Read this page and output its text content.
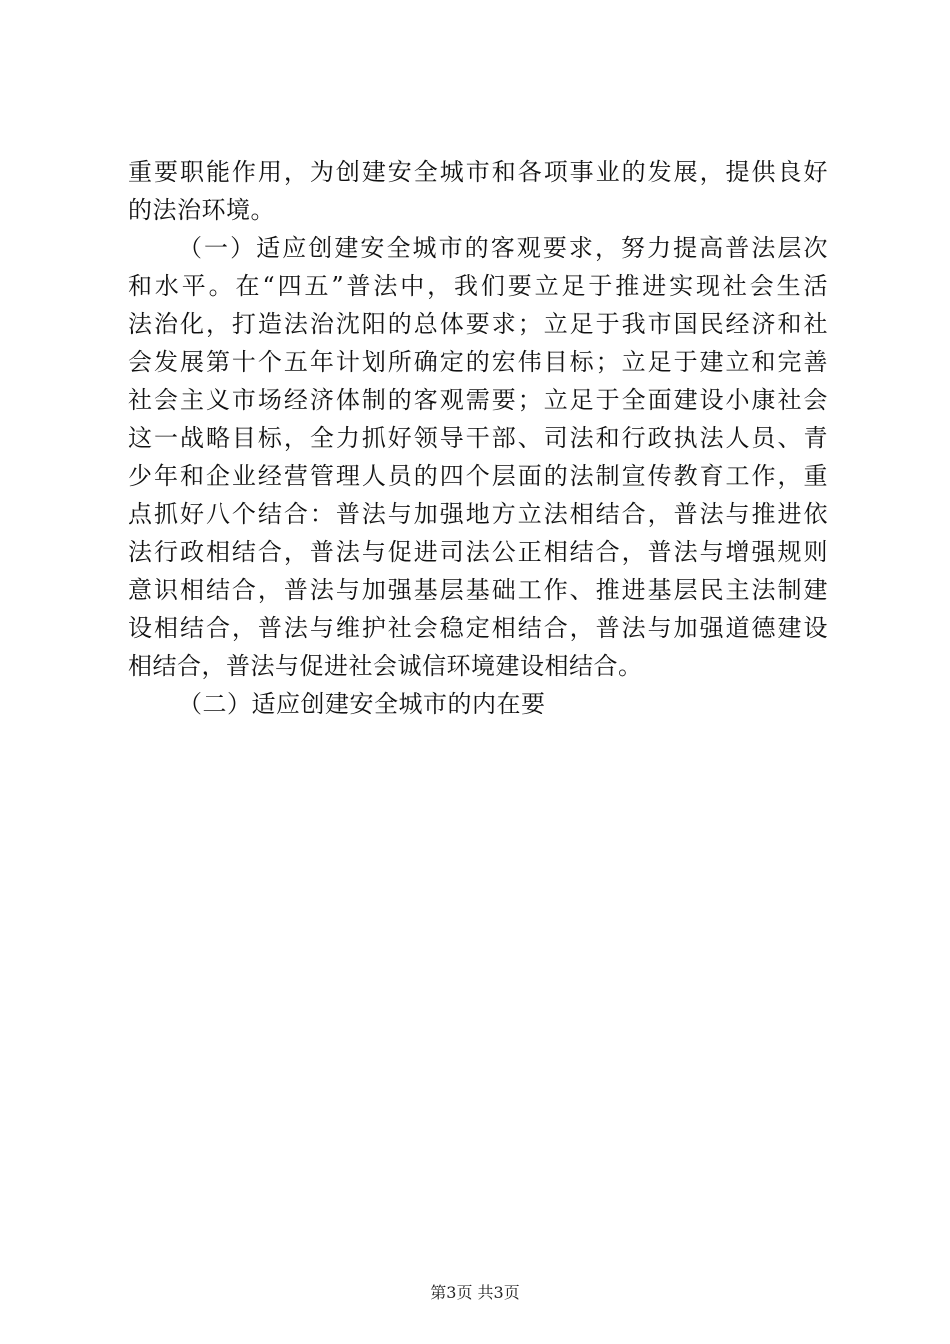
重要职能作用，为创建安全城市和各项事业的发展，提供良好
的法治环境。
（一）适应创建安全城市的客观要求，努力提高普法层次
和水平。在“四五”普法中，我们要立足于推进实现社会生活
法治化，打造法治沈阳的总体要求；立足于我市国民经济和社
会发展第十个五年计划所确定的宏伟目标；立足于建立和完善
社会主义市场经济体制的客观需要；立足于全面建设小康社会
这一战略目标，全力抓好领导干部、司法和行政执法人员、青
少年和企业经营管理人员的四个层面的法制宣传教育工作，重
点抓好八个结合：普法与加强地方立法相结合，普法与推进依
法行政相结合，普法与促进司法公正相结合，普法与增强规则
意识相结合，普法与加强基层基础工作、推进基层民主法制建
设相结合，普法与维护社会稳定相结合，普法与加强道德建设
相结合，普法与促进社会诚信环境建设相结合。
（二）适应创建安全城市的内在要
第3页 共3页
